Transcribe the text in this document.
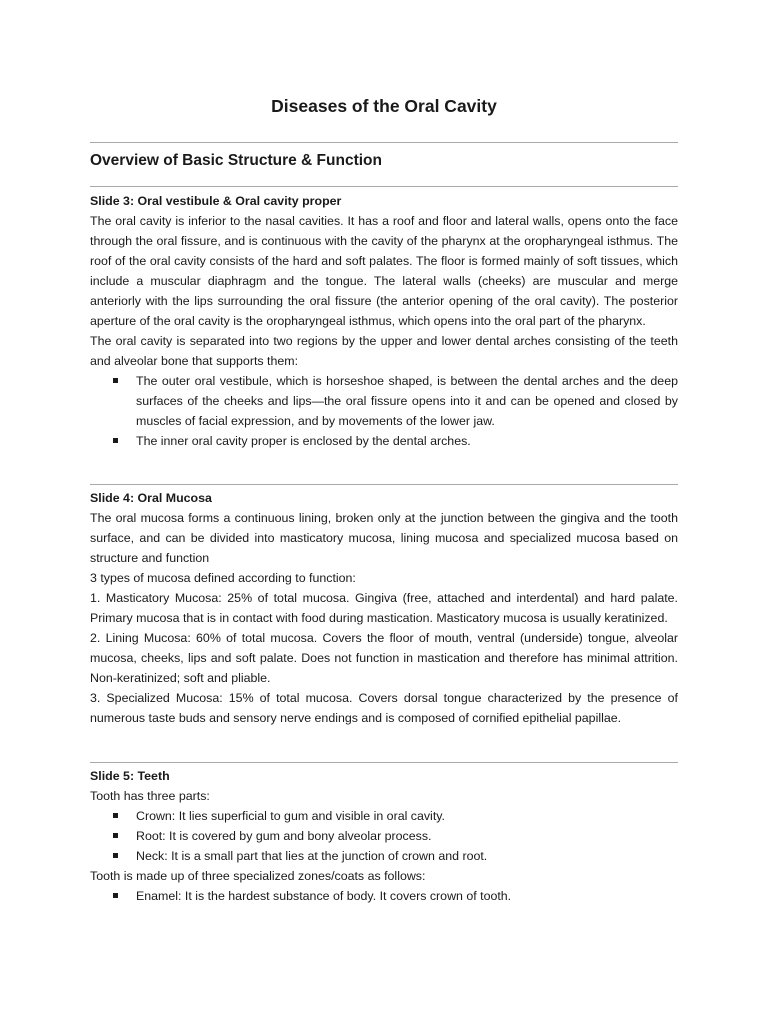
Diseases of the Oral Cavity
Overview of Basic Structure & Function
Slide 3: Oral vestibule & Oral cavity proper

The oral cavity is inferior to the nasal cavities. It has a roof and floor and lateral walls, opens onto the face through the oral fissure, and is continuous with the cavity of the pharynx at the oropharyngeal isthmus. The roof of the oral cavity consists of the hard and soft palates. The floor is formed mainly of soft tissues, which include a muscular diaphragm and the tongue. The lateral walls (cheeks) are muscular and merge anteriorly with the lips surrounding the oral fissure (the anterior opening of the oral cavity). The posterior aperture of the oral cavity is the oropharyngeal isthmus, which opens into the oral part of the pharynx.

The oral cavity is separated into two regions by the upper and lower dental arches consisting of the teeth and alveolar bone that supports them:

The outer oral vestibule, which is horseshoe shaped, is between the dental arches and the deep surfaces of the cheeks and lips—the oral fissure opens into it and can be opened and closed by muscles of facial expression, and by movements of the lower jaw.
The inner oral cavity proper is enclosed by the dental arches.
Slide 4: Oral Mucosa

The oral mucosa forms a continuous lining, broken only at the junction between the gingiva and the tooth surface, and can be divided into masticatory mucosa, lining mucosa and specialized mucosa based on structure and function

3 types of mucosa defined according to function:

1. Masticatory Mucosa: 25% of total mucosa. Gingiva (free, attached and interdental) and hard palate. Primary mucosa that is in contact with food during mastication. Masticatory mucosa is usually keratinized.

2. Lining Mucosa: 60% of total mucosa. Covers the floor of mouth, ventral (underside) tongue, alveolar mucosa, cheeks, lips and soft palate. Does not function in mastication and therefore has minimal attrition. Non-keratinized; soft and pliable.

3. Specialized Mucosa: 15% of total mucosa. Covers dorsal tongue characterized by the presence of numerous taste buds and sensory nerve endings and is composed of cornified epithelial papillae.

Slide 5: Teeth

Tooth has three parts:

Crown: It lies superficial to gum and visible in oral cavity.
Root: It is covered by gum and bony alveolar process.
Neck: It is a small part that lies at the junction of crown and root.

Tooth is made up of three specialized zones/coats as follows:

Enamel: It is the hardest substance of body. It covers crown of tooth.
